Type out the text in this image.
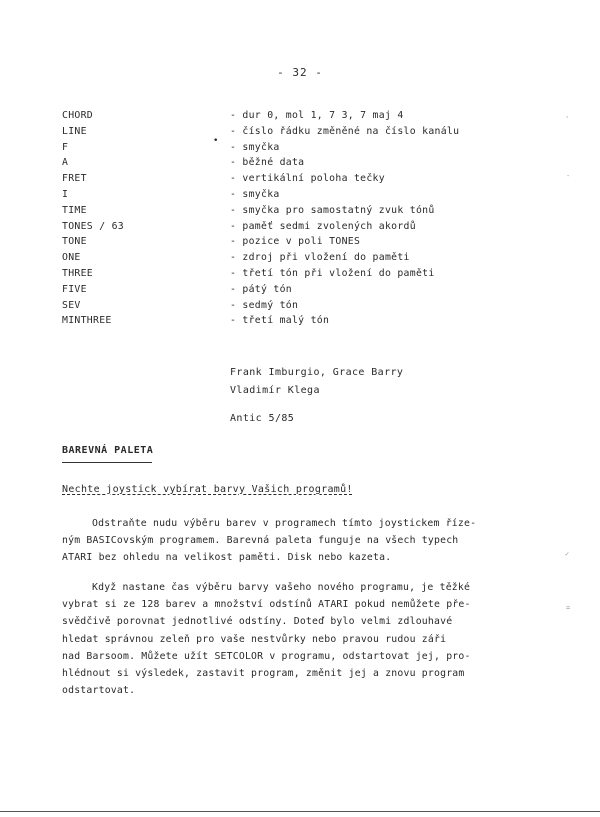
- 32 -
CHORD	- dur 0, mol 1, 7 3, 7 maj 4
LINE	- číslo řádku změněné na číslo kanálu
F	- smyčka
A	- běžné data
FRET	- vertikální poloha tečky
I	- smyčka
TIME	- smyčka pro samostatný zvuk tónů
TONES / 63	- paměť sedmi zvolených akordů
TONE	- pozice v poli TONES
ONE	- zdroj při vložení do paměti
THREE	- třetí tón při vložení do paměti
FIVE	- pátý tón
SEV	- sedmý tón
MINTHREE	- třetí malý tón
•
Frank Imburgio, Grace Barry
Vladimír Klega
Antic 5/85
BAREVNÁ PALETA
Nechte joystick vybírat barvy Vašich programů!
Odstraňte nudu výběru barev v programech tímto joystickem říze-
ným BASICovským programem. Barevná paleta funguje na všech typech
ATARI bez ohledu na velikost paměti. Disk nebo kazeta.
Když nastane čas výběru barvy vašeho nového programu, je těžké
vybrat si ze 128 barev a množství odstínů ATARI pokud nemůžete pře-
svědčivě porovnat jednotlivé odstíny. Doteď bylo velmi zdlouhavé
hledat správnou zeleň pro vaše nestvůrky nebo pravou rudou záři
nad Barsoom. Můžete užít SETCOLOR v programu, odstartovat jej, pro-
hlédnout si výsledek, zastavit program, změnit jej a znovu program
odstartovat.
'
-
✓
=
